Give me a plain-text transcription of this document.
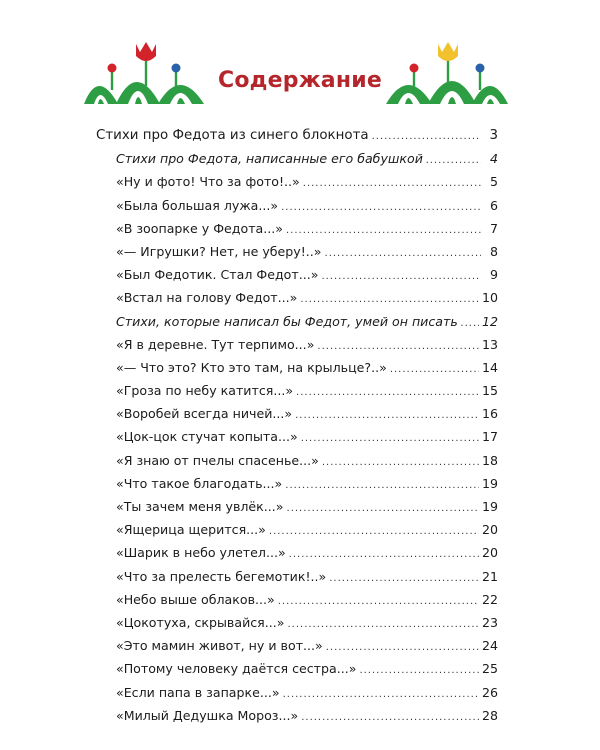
Содержание
Стихи про Федота из синего блокнота .....	3
Стихи про Федота, написанные его бабушкой .....	4
«Ну и фото! Что за фото!..» .....	5
«Была большая лужа...» .....	6
«В зоопарке у Федота...» .....	7
«— Игрушки? Нет, не уберу!..» .....	8
«Был Федотик. Стал Федот...» .....	9
«Встал на голову Федот...» .....	10
Стихи, которые написал бы Федот, умей он писать ..... 12
«Я в деревне. Тут терпимо...» .....	13
«— Что это? Кто это там, на крыльце?..» .....	14
«Гроза по небу катится...» .....	15
«Воробей всегда ничей...» .....	16
«Цок-цок стучат копыта...» .....	17
«Я знаю от пчелы спасенье...» .....	18
«Что такое благодать...» .....	19
«Ты зачем меня увлёк...» .....	19
«Ящерица щерится...» .....	20
«Шарик в небо улетел...» .....	20
«Что за прелесть бегемотик!..» .....	21
«Небо выше облаков...» .....	22
«Цокотуха, скрывайся...» .....	23
«Это мамин живот, ну и вот...» .....	24
«Потому человеку даётся сестра...» .....	25
«Если папа в запарке...» .....	26
«Милый Дедушка Мороз...» .....	28
